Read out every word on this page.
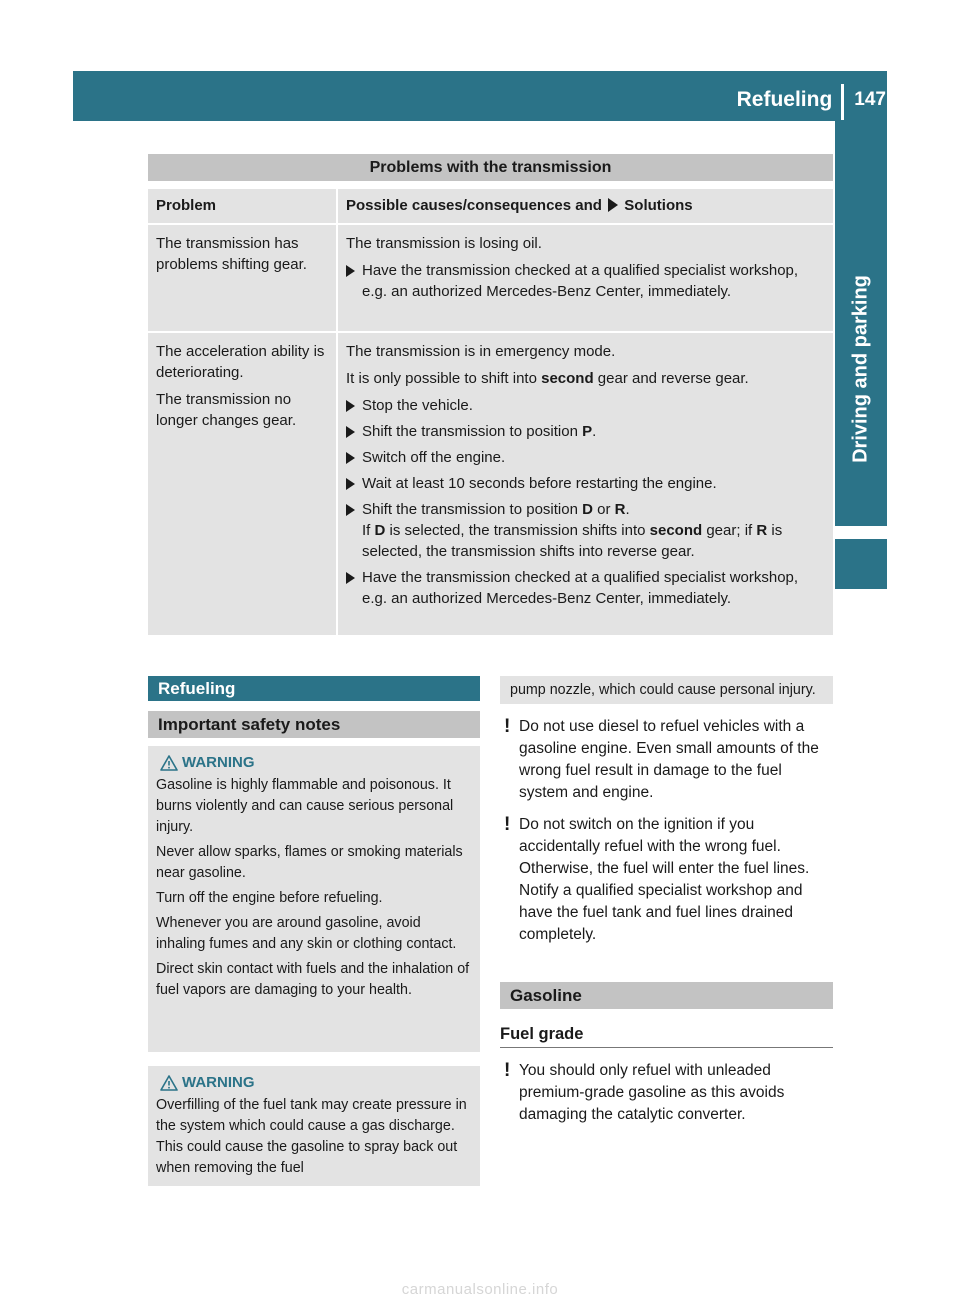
Refueling	147
Driving and parking
Problems with the transmission
Problem	Possible causes/consequences and Solutions
The transmission has problems shifting gear.

The transmission is losing oil.

Have the transmission checked at a qualified specialist workshop, e.g. an authorized Mercedes-Benz Center, immediately.

The acceleration ability is deteriorating.

The transmission no longer changes gear.

The transmission is in emergency mode.

It is only possible to shift into second gear and reverse gear.

Stop the vehicle.
Shift the transmission to position P.
Switch off the engine.
Wait at least 10 seconds before restarting the engine.
Shift the transmission to position D or R.
If D is selected, the transmission shifts into second gear; if R is selected, the transmission shifts into reverse gear.
Have the transmission checked at a qualified specialist workshop, e.g. an authorized Mercedes-Benz Center, immediately.
Refueling
Important safety notes
WARNING

Gasoline is highly flammable and poisonous. It burns violently and can cause serious personal injury.

Never allow sparks, flames or smoking materials near gasoline.

Turn off the engine before refueling.

Whenever you are around gasoline, avoid inhaling fumes and any skin or clothing contact.

Direct skin contact with fuels and the inhalation of fuel vapors are damaging to your health.

WARNING

Overfilling of the fuel tank may create pressure in the system which could cause a gas discharge. This could cause the gasoline to spray back out when removing the fuel

pump nozzle, which could cause personal injury.
! Do not use diesel to refuel vehicles with a gasoline engine. Even small amounts of the wrong fuel result in damage to the fuel system and engine.
! Do not switch on the ignition if you accidentally refuel with the wrong fuel. Otherwise, the fuel will enter the fuel lines. Notify a qualified specialist workshop and have the fuel tank and fuel lines drained completely.
Gasoline
Fuel grade
! You should only refuel with unleaded premium-grade gasoline as this avoids damaging the catalytic converter.
carmanualsonline.info
